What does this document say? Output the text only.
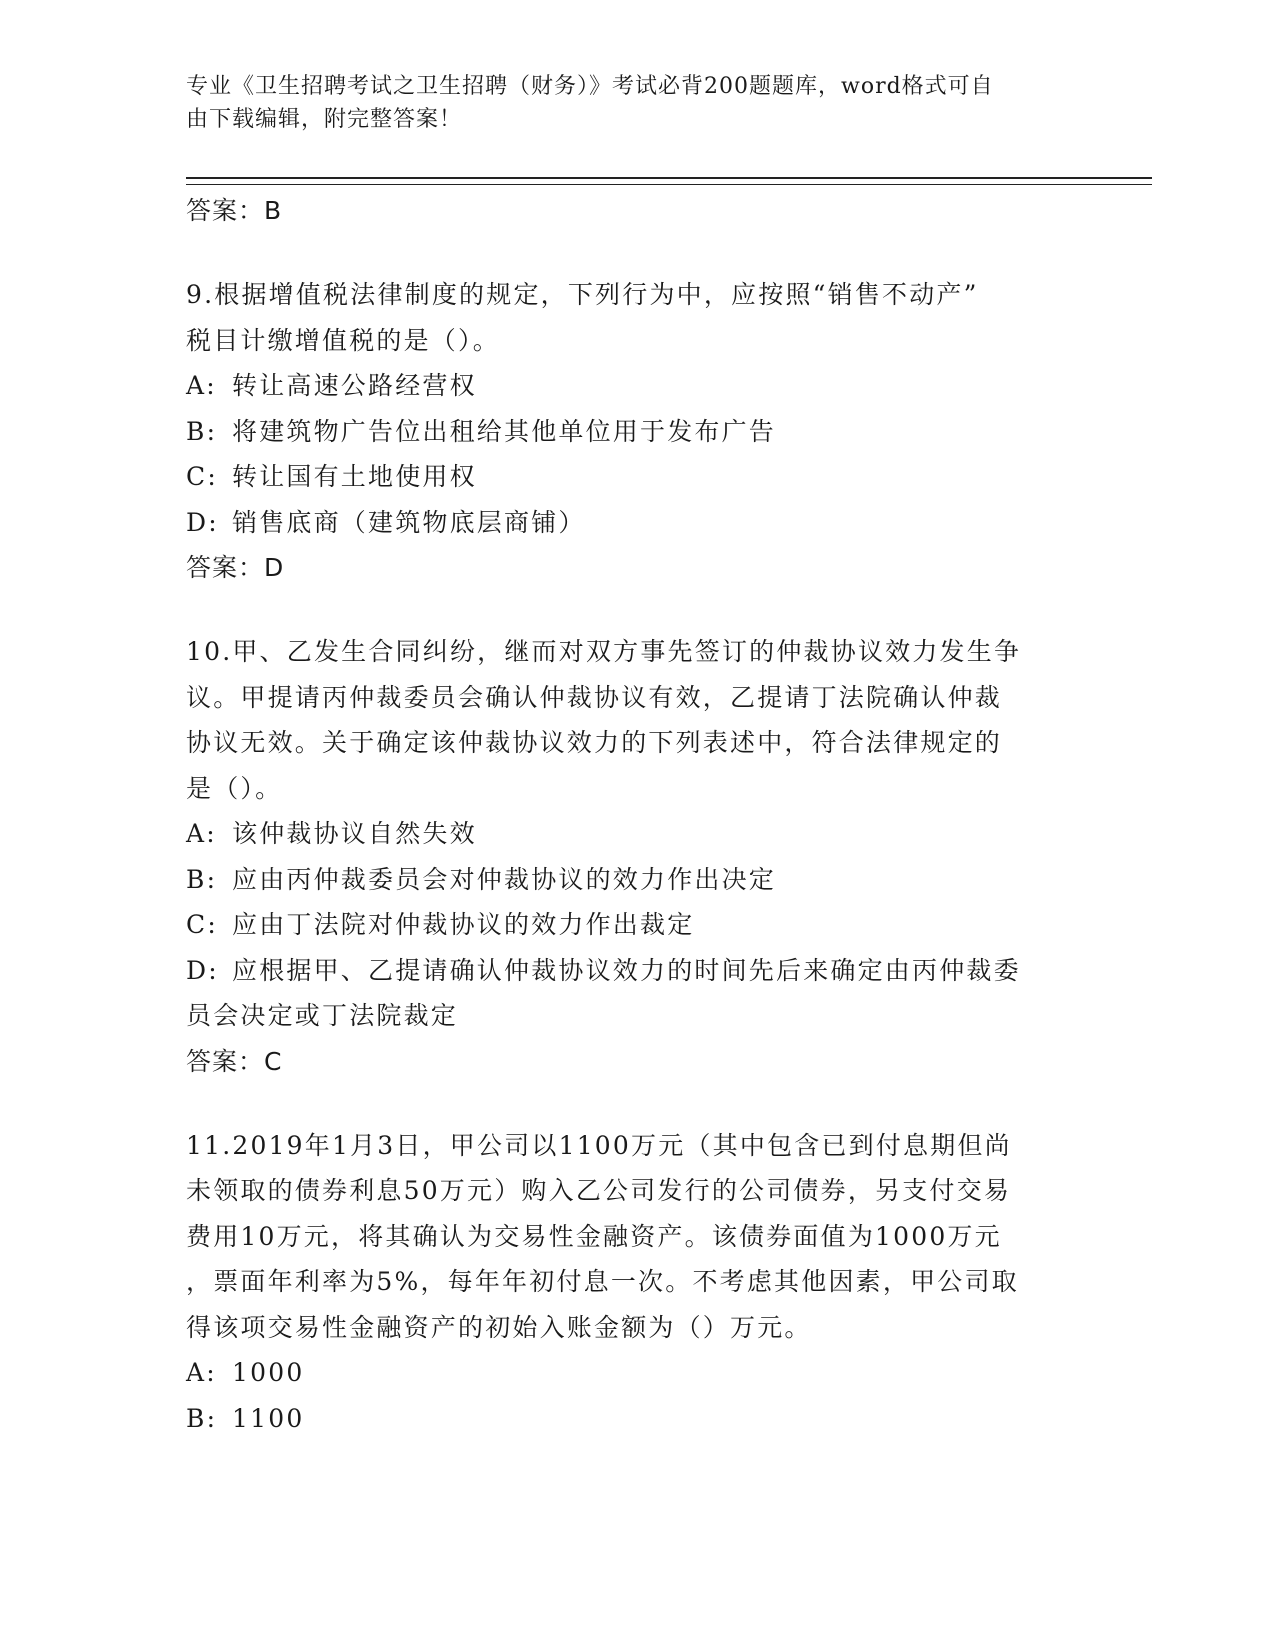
专业《卫生招聘考试之卫生招聘（财务）》考试必背200题题库，word格式可自
由下载编辑，附完整答案！
答案：B
9.根据增值税法律制度的规定，下列行为中，应按照“销售不动产”
税目计缴增值税的是（）。
A: 转让高速公路经营权
B: 将建筑物广告位出租给其他单位用于发布广告
C: 转让国有土地使用权
D: 销售底商（建筑物底层商铺）
答案：D
10.甲、乙发生合同纠纷，继而对双方事先签订的仲裁协议效力发生争
议。甲提请丙仲裁委员会确认仲裁协议有效，乙提请丁法院确认仲裁
协议无效。关于确定该仲裁协议效力的下列表述中，符合法律规定的
是（）。
A: 该仲裁协议自然失效
B: 应由丙仲裁委员会对仲裁协议的效力作出决定
C: 应由丁法院对仲裁协议的效力作出裁定
D: 应根据甲、乙提请确认仲裁协议效力的时间先后来确定由丙仲裁委
员会决定或丁法院裁定
答案：C
11.2019年1月3日，甲公司以1100万元（其中包含已到付息期但尚
未领取的债券利息50万元）购入乙公司发行的公司债券，另支付交易
费用10万元，将其确认为交易性金融资产。该债券面值为1000万元
，票面年利率为5%，每年年初付息一次。不考虑其他因素，甲公司取
得该项交易性金融资产的初始入账金额为（）万元。
A: 1000
B: 1100
